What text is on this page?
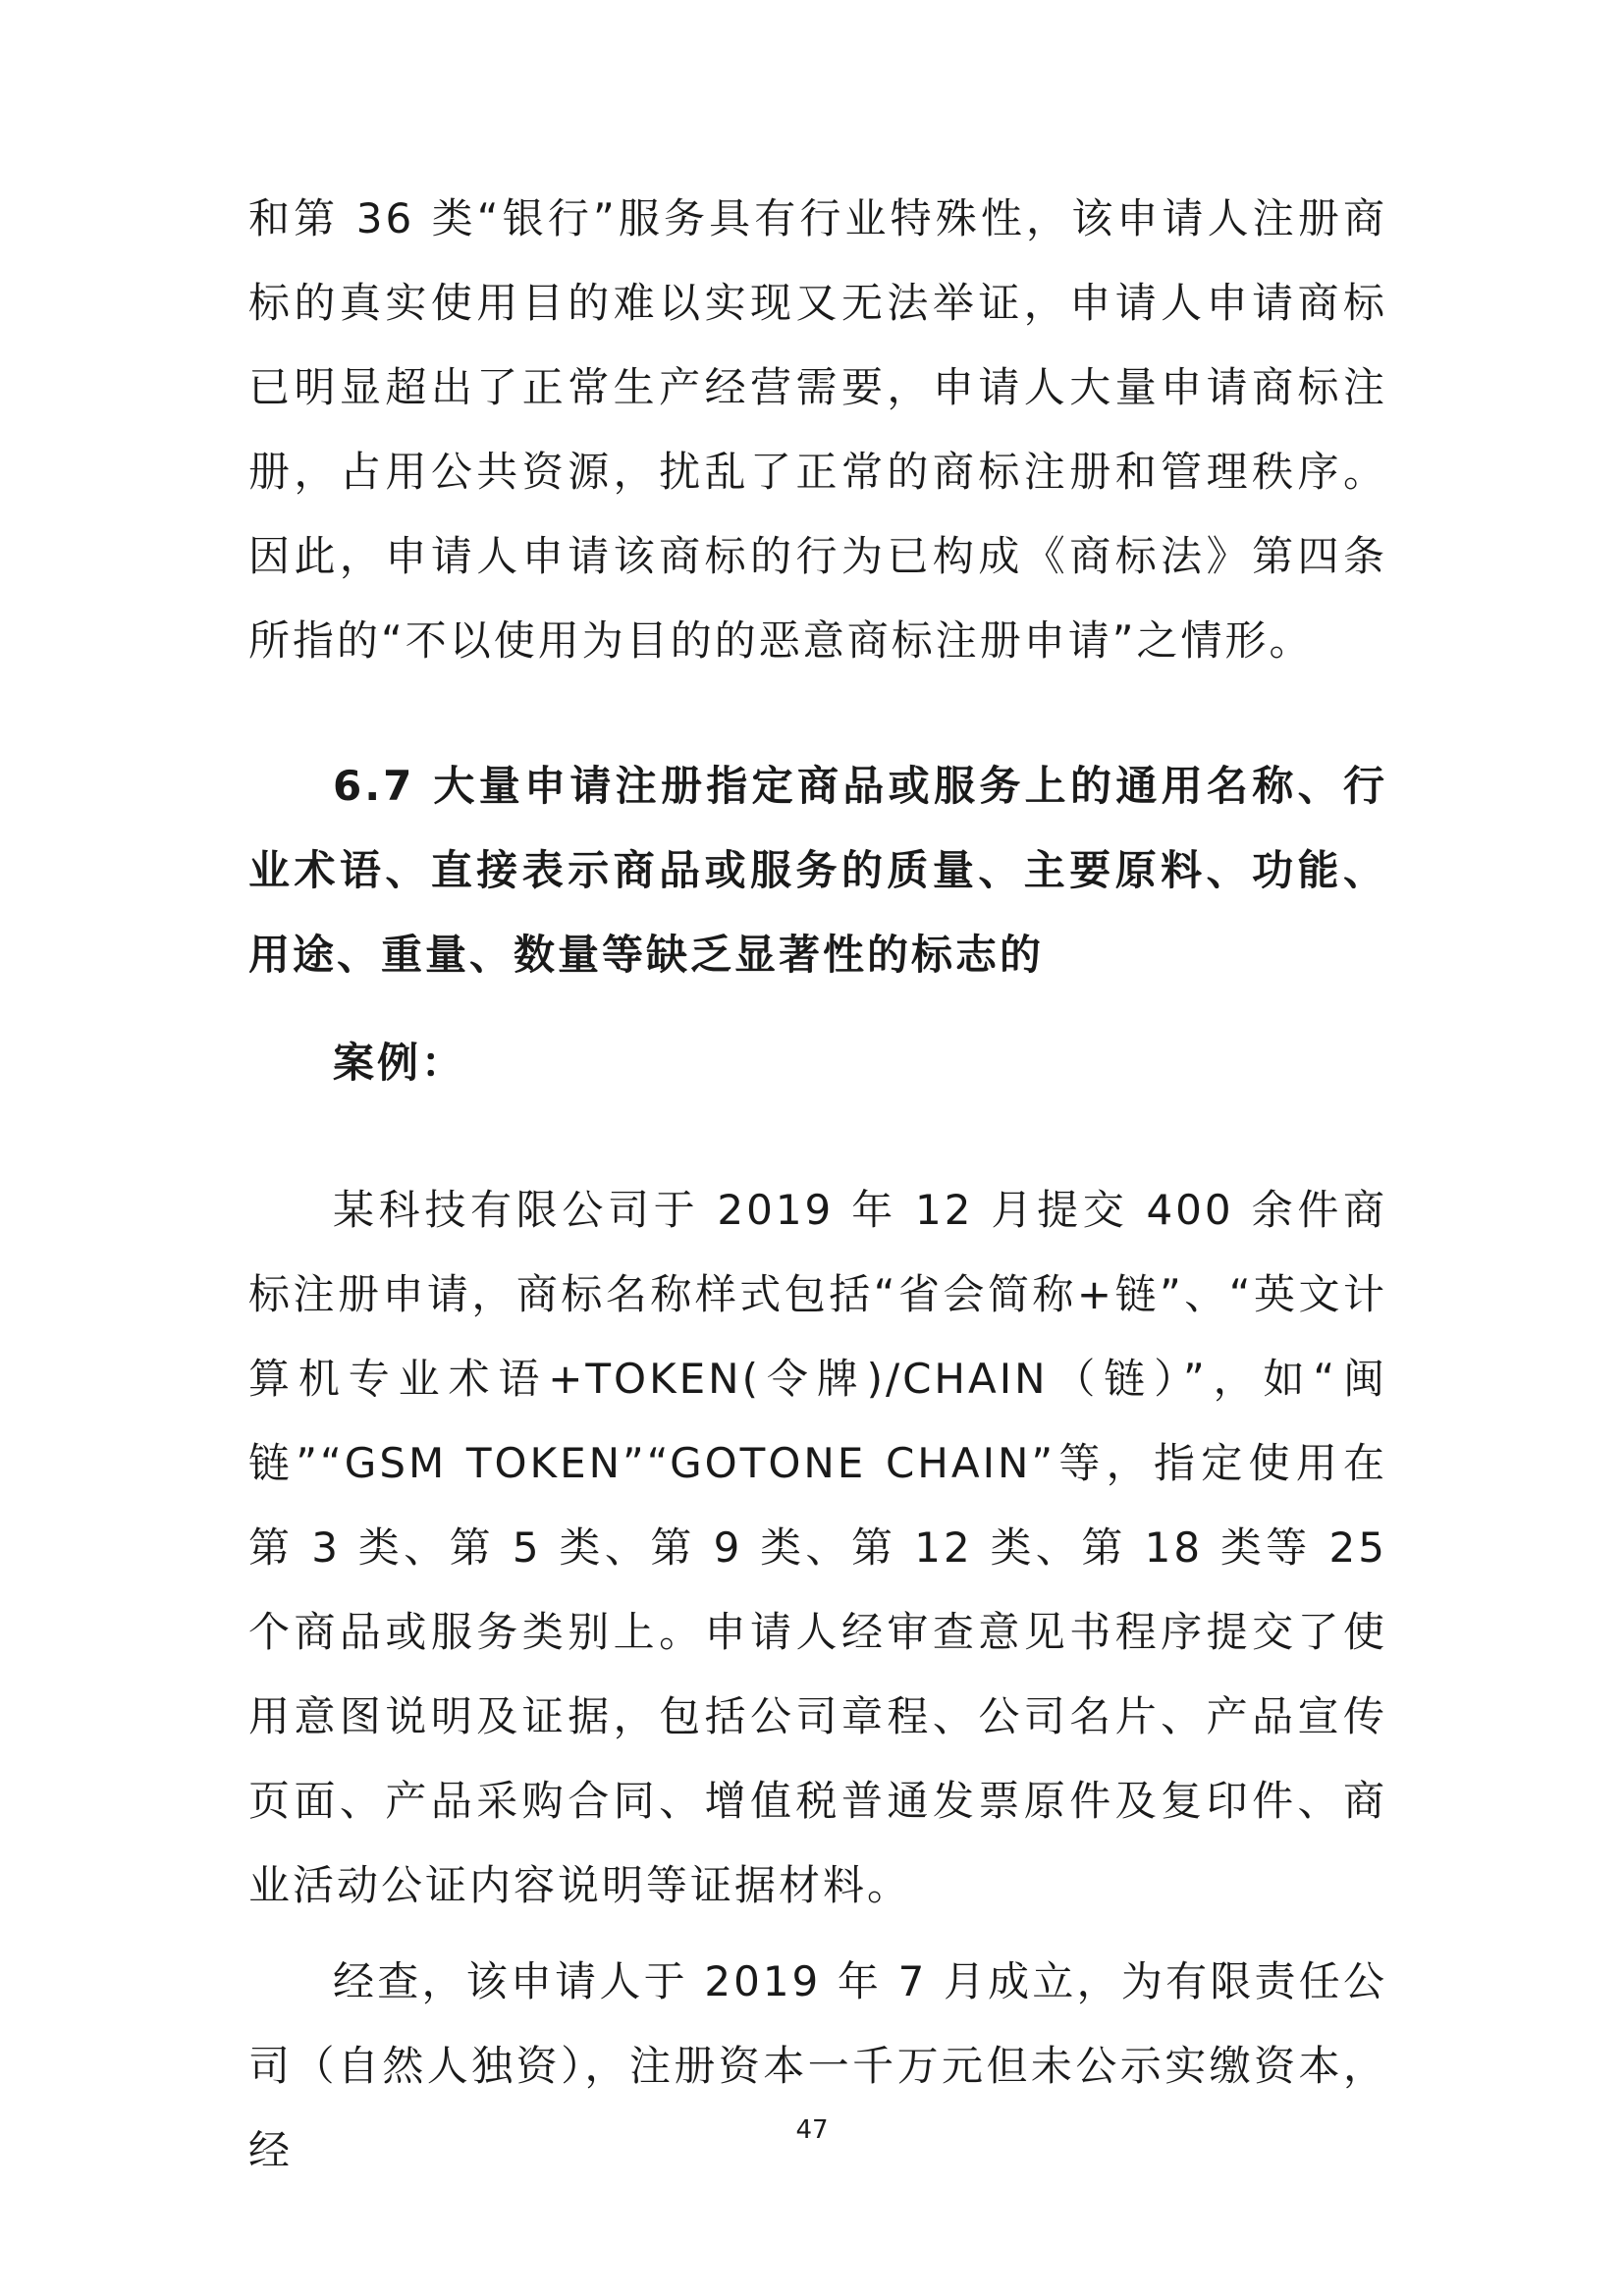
和第 36 类“银行”服务具有行业特殊性，该申请人注册商标的真实使用目的难以实现又无法举证，申请人申请商标已明显超出了正常生产经营需要，申请人大量申请商标注册，占用公共资源，扰乱了正常的商标注册和管理秩序。因此，申请人申请该商标的行为已构成《商标法》第四条所指的“不以使用为目的的恶意商标注册申请”之情形。

6.7 大量申请注册指定商品或服务上的通用名称、行业术语、直接表示商品或服务的质量、主要原料、功能、用途、重量、数量等缺乏显著性的标志的

案例：

某科技有限公司于 2019 年 12 月提交 400 余件商标注册申请，商标名称样式包括“省会简称+链”、“英文计算机专业术语+TOKEN(令牌)/CHAIN（链）”，如“闽链”“GSM TOKEN”“GOTONE CHAIN”等，指定使用在第 3 类、第 5 类、第 9 类、第 12 类、第 18 类等 25 个商品或服务类别上。申请人经审查意见书程序提交了使用意图说明及证据，包括公司章程、公司名片、产品宣传页面、产品采购合同、增值税普通发票原件及复印件、商业活动公证内容说明等证据材料。

经查，该申请人于 2019 年 7 月成立，为有限责任公司（自然人独资），注册资本一千万元但未公示实缴资本，经	47
